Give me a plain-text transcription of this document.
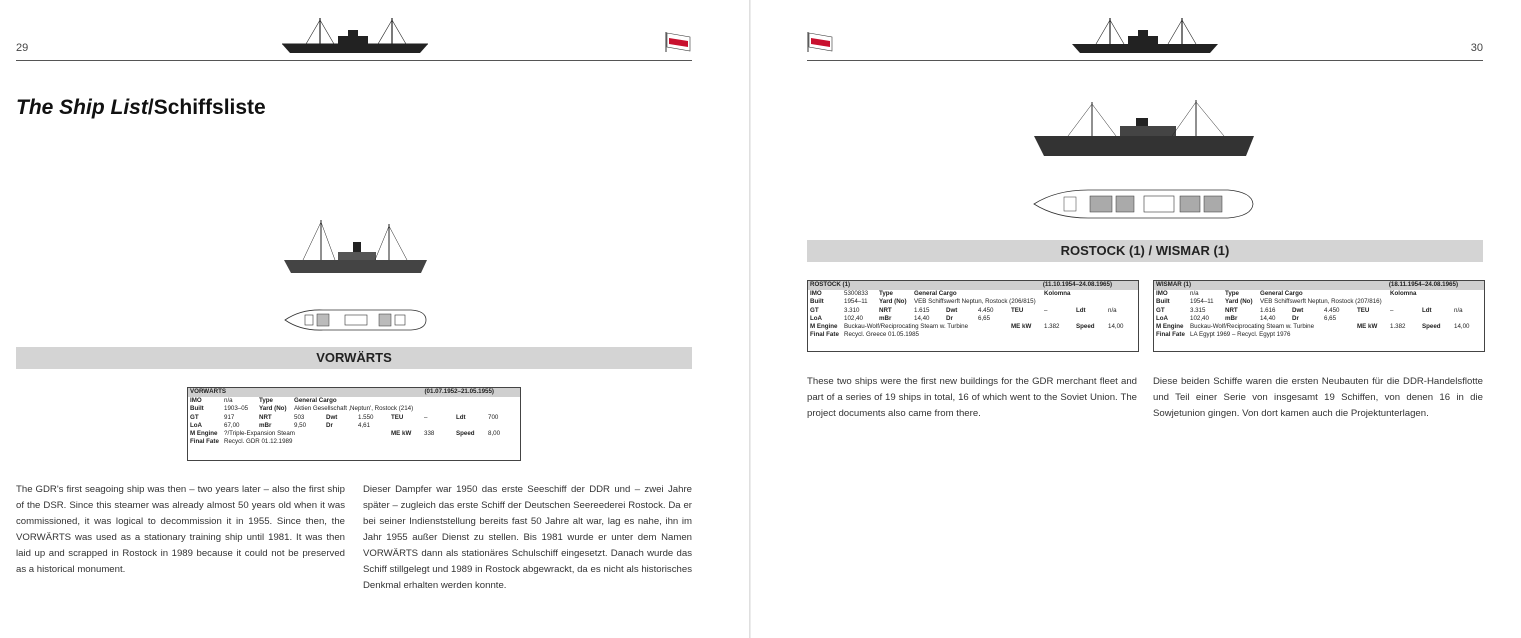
29
The Ship List/Schiffsliste
VORWÄRTS
VORWÄRTS	(01.07.1952–21.05.1955)
IMO	n/a	Type	General Cargo
Built	1903–05 Yard (No) Aktien Gesellschaft ‚Neptun', Rostock (214)
GT	917	NRT	503	Dwt	1.550	TEU	–	Ldt	700
LoA	67,00	mBr	9,50	Dr	4,61
M Engine ?/Triple-Expansion Steam	ME kW 338	Speed 8,00
Final Fate Recycl. GDR 01.12.1989
The GDR's first seagoing ship was then – two years later – also the first ship of the DSR. Since this steamer was already almost 50 years old when it was commissioned, it was logical to decommission it in 1955. Since then, the VORWÄRTS was used as a stationary training ship until 1981. It was then laid up and scrapped in Rostock in 1989 because it could not be preserved as a historical monument.
Dieser Dampfer war 1950 das erste Seeschiff der DDR und – zwei Jahre später – zugleich das erste Schiff der Deutschen Seereederei Rostock. Da er bei seiner Indienststellung bereits fast 50 Jahre alt war, lag es nahe, ihn im Jahr 1955 außer Dienst zu stellen. Bis 1981 wurde er unter dem Namen VORWÄRTS dann als stationäres Schulschiff eingesetzt. Danach wurde das Schiff stillgelegt und 1989 in Rostock abgewrackt, da es nicht als historisches Denkmal erhalten werden konnte.
30
ROSTOCK (1) / WISMAR (1)
ROSTOCK (1)	(11.10.1954–24.08.1965)
IMO	5300833 Type	General Cargo	Kolomna
Built	1954–11 Yard (No) VEB Schiffswerft Neptun, Rostock (206/815)
GT	3.310	NRT	1.615	Dwt	4.450	TEU	–	Ldt	n/a
LoA	102,40	mBr	14,40	Dr	6,65
M Engine Buckau-Wolf/Reciprocating Steam w. Turbine	ME kW 1.382	Speed 14,00
Final Fate Recycl. Greece 01.05.1985
WISMAR (1)	(18.11.1954–24.08.1965)
IMO	n/a	Type	General Cargo	Kolomna
Built	1954–11 Yard (No) VEB Schiffswerft Neptun, Rostock (207/816)
GT	3.315	NRT	1.616	Dwt	4.450	TEU	–	Ldt	n/a
LoA	102,40	mBr	14,40	Dr	6,65
M Engine Buckau-Wolf/Reciprocating Steam w. Turbine	ME kW 1.382	Speed 14,00
Final Fate LA Egypt 1969 – Recycl. Egypt 1976
These two ships were the first new buildings for the GDR merchant fleet and part of a series of 19 ships in total, 16 of which went to the Soviet Union. The project documents also came from there.
Diese beiden Schiffe waren die ersten Neubauten für die DDR-Handelsflotte und Teil einer Serie von insgesamt 19 Schiffen, von denen 16 in die Sowjetunion gingen. Von dort kamen auch die Projektunterlagen.
